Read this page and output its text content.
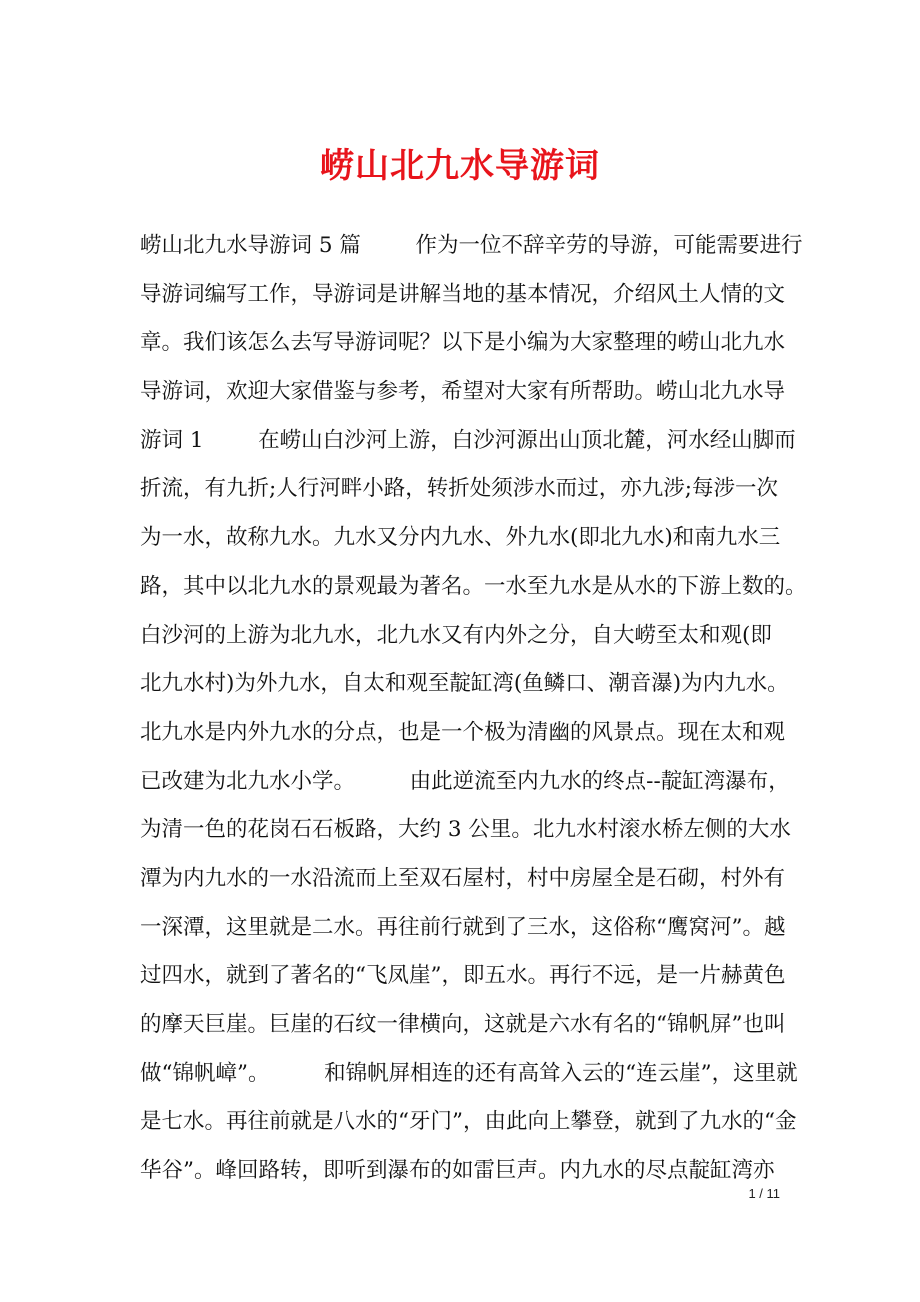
崂山北九水导游词
崂山北九水导游词 5 篇        作为一位不辞辛劳的导游，可能需要进行
导游词编写工作，导游词是讲解当地的基本情况，介绍风土人情的文
章。我们该怎么去写导游词呢？以下是小编为大家整理的崂山北九水
导游词，欢迎大家借鉴与参考，希望对大家有所帮助。崂山北九水导
游词 1        在崂山白沙河上游，白沙河源出山顶北麓，河水经山脚而
折流，有九折;人行河畔小路，转折处须涉水而过，亦九涉;每涉一次
为一水，故称九水。九水又分内九水、外九水(即北九水)和南九水三
路，其中以北九水的景观最为著名。一水至九水是从水的下游上数的。
白沙河的上游为北九水，北九水又有内外之分，自大崂至太和观(即
北九水村)为外九水，自太和观至靛缸湾(鱼鳞口、潮音瀑)为内九水。
北九水是内外九水的分点，也是一个极为清幽的风景点。现在太和观
已改建为北九水小学。        由此逆流至内九水的终点--靛缸湾瀑布，
为清一色的花岗石石板路，大约 3 公里。北九水村滚水桥左侧的大水
潭为内九水的一水沿流而上至双石屋村，村中房屋全是石砌，村外有
一深潭，这里就是二水。再往前行就到了三水，这俗称“鹰窝河”。越
过四水，就到了著名的“飞凤崖”，即五水。再行不远，是一片赫黄色
的摩天巨崖。巨崖的石纹一律横向，这就是六水有名的“锦帆屏”也叫
做“锦帆嶂”。        和锦帆屏相连的还有高耸入云的“连云崖”，这里就
是七水。再往前就是八水的“牙门”，由此向上攀登，就到了九水的“金
华谷”。峰回路转，即听到瀑布的如雷巨声。内九水的尽点靛缸湾亦
1 / 11
